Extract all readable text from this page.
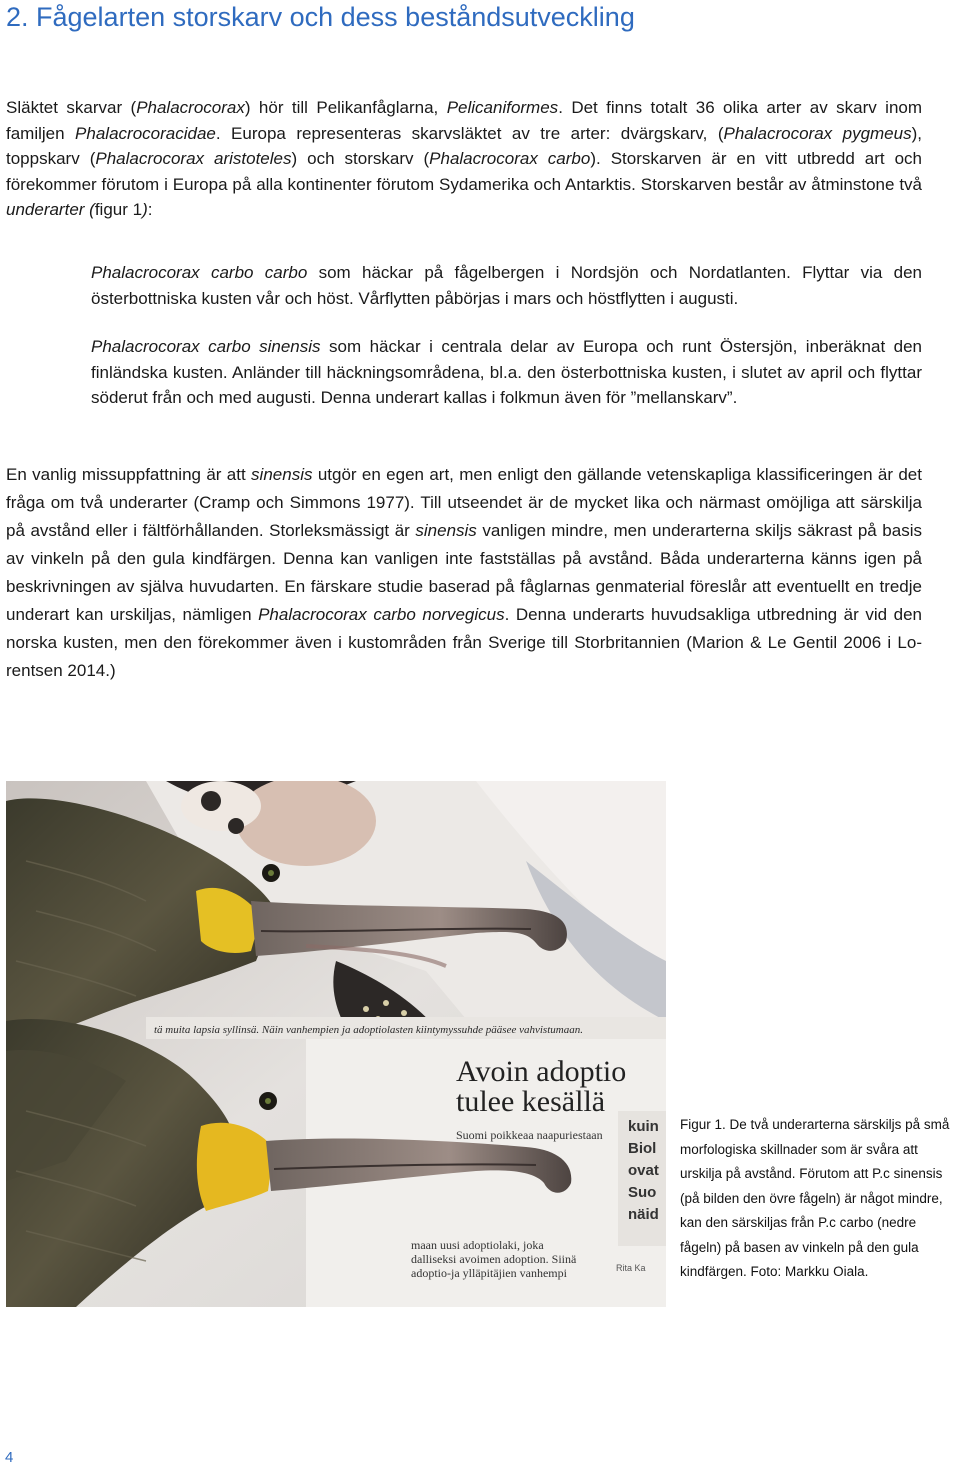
2. Fågelarten storskarv och dess beståndsutveckling

Släktet skarvar (Phalacrocorax) hör till Pelikanfåglarna, Pelicaniformes. Det finns totalt 36 olika arter av skarv inom familjen Phalacrocoracidae. Europa representeras skarvsläktet av tre arter: dvärgskarv, (Phalacrocorax pygmeus), toppskarv (Phalacrocorax aristoteles) och storskarv (Phalacrocorax carbo). Storskarven är en vitt utbredd art och förekommer förutom i Europa på alla kontinenter förutom Sydamerika och Antarktis. Storskarven består av åtminstone två underarter (figur 1):

Phalacrocorax carbo carbo som häckar på fågelbergen i Nordsjön och Nordatlanten. Flyttar via den österbottniska kusten vår och höst. Vårflytten påbörjas i mars och höstflytten i augusti.

Phalacrocorax carbo sinensis som häckar i centrala delar av Europa och runt Östersjön, inberäknat den finländska kusten. Anländer till häckningsområdena, bl.a. den österbottniska kusten, i slutet av april och flyttar söderut från och med augusti. Denna underart kallas i folkmun även för ”mellanskarv”.

En vanlig missuppfattning är att sinensis utgör en egen art, men enligt den gällande vetenskapliga klassificeringen är det fråga om två underarter (Cramp och Simmons 1977). Till utseendet är de mycket lika och närmast omöjliga att särskilja på avstånd eller i fältförhållanden. Storleksmässigt är sinensis vanligen mindre, men underarterna skiljs säkrast på basis av vinkeln på den gula kindfärgen. Denna kan vanligen inte fastställas på avstånd. Båda underarterna känns igen på beskrivningen av själva huvudarten. En färskare studie baserad på fåglarnas genmaterial föreslår att eventuellt en tredje underart kan urskiljas, nämligen Phalacrocorax carbo norvegicus. Denna underarts huvudsakliga utbredning är vid den norska kusten, men den förekommer även i kustområden från Sverige till Storbritannien (Marion & Le Gentil 2006 i Lorentsen 2014.)

tä muita lapsia syllinsä. Näin vanhempien ja adoptiolasten kiintymyssuhde pääsee vahvistumaan.
Avoin adoptio
tulee kesällä
Suomi poikkeaa naapuriestaan
maan uusi adoptiolaki, joka
dalliseksi avoimen adoption. Siinä
adoptio-ja ylläpitäjien vanhempi
kuin
Biol
ovat
Suo
näid
Rita Ka

Figur 1. De två underarterna särskiljs på små morfologiska skillnader som är svåra att urskilja på avstånd. Förutom att P.c sinensis (på bilden den övre fågeln) är något mindre, kan den särskiljas från P.c carbo (nedre fågeln) på basen av vinkeln på den gula kindfärgen. Foto: Markku Oiala.

4
